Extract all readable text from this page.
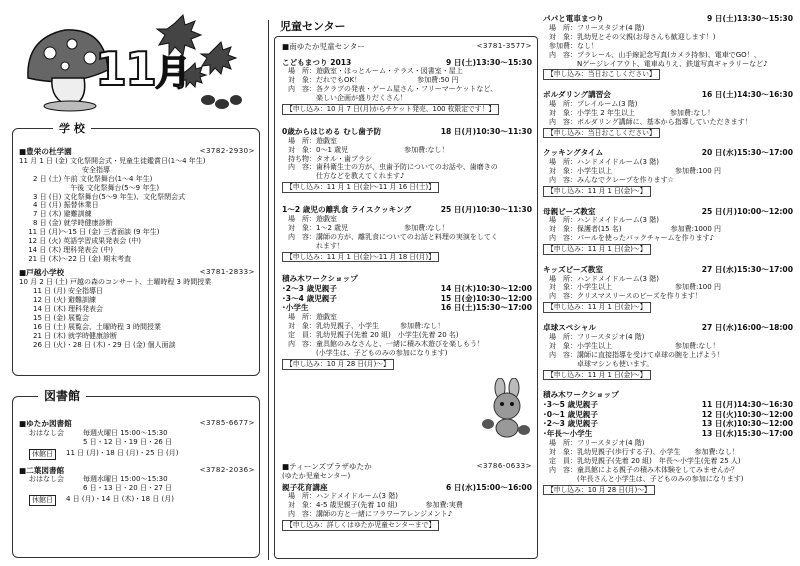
11月
学 校
■豊栄の杜学園	<3782-2930>
11 月 1 日 (金) 文化祭開会式・児童生徒鑑賞日(1～4 年生)
　　　　　　　　　安全指導
　　2 日 (土) 午前 文化祭舞台(1～4 年生)
　　　　　　　 午後 文化祭舞台(5～9 年生)
　　3 日 (日) 文化祭舞台(5～9 年生)、文化祭閉会式
　　4 日 (月) 振替休業日
　　7 日 (木) 避難訓練
　　8 日 (金) 就学時健康診断
　 11 日 (月)～15 日 (金) 三者面談 (9 年生)
　 12 日 (火) 英語学習成果発表会 (中)
　 14 日 (木) 理科発表会 (中)
　 21 日 (木)～22 日 (金) 期末考査
■戸越小学校	<3781-2833>
10 月 2 日 (土) 戸越の森のコンサート、土曜時程 3 時間授業
　　11 日 (月) 安全指導日
　　12 日 (火) 避難訓練
　　14 日 (木) 理科発表会
　　15 日 (金) 展覧会
　　16 日 (土) 展覧会、土曜時程 3 時間授業
　　21 日 (木) 就学時健康診断
　　26 日 (火)・28 日 (木)・29 日 (金) 個人面談
図書館
■ゆたか図書館	<3785-6677>
おはなし会	毎週火曜日 15:00～15:30
5 日・12 日・19 日・26 日
休館日	11 日 (月)・18 日 (月)・25 日 (月)
■二葉図書館	<3782-2036>
おはなし会	毎週水曜日 15:00～15:30
6 日・13 日・20 日・27 日
休館日	4 日 (月)・14 日 (木)・18 日 (月)
児童センター
■南ゆたか児童センター	<3781-3577>
こどもまつり 2013	9 日(土)13:30～15:30
場　所：遊戯室・ほっとルーム・テラス・図書室・屋上
対　象：だれでもOK！　　　　　　　　参加費:50 円
内　容：各クラブの発表・ゲーム屋さん・フリーマーケットなど、
　　　　楽しい企画が盛りだくさん！
【申し込み：10 月 7 日(月)からチケット発売、100 枚限定です！】
0歳からはじめる むし歯予防	18 日(月)10:30～11:30
場　所：遊戯室
対　象：0～1 歳児　　　　　　　　参加費:なし！
持ち物：タオル・歯ブラシ
内　容：歯科衛生士の方が、虫歯予防についてのお話や、歯磨きの
　　　　仕方などを教えてくれます♪
【申し込み：11 月 1 日(金)～11 月 16 日(土)】
1～2 歳児の離乳食 ライスクッキング	25 日(月)10:30～11:30
場　所：遊戯室
対　象：1～2 歳児　　　　　　　　参加費:なし！
内　容：講師の方が、離乳食についてのお話と料理の実演をしてく
　　　　れます！
【申し込み：11 月 1 日(金)～11 月 18 日(月)】
積み木ワークショップ
･2～3 歳児親子	14 日(木)10:30～12:00
･3～4 歳児親子	15 日(金)10:30～12:00
･小学生	16 日(土)15:30～17:00
場　所：遊戯室
対　象：乳幼児親子、小学生　　　参加費:なし！
定　員：乳幼児親子(先着 20 組)　小学生(先着 20 名)
内　容：童具館のみなさんと、一緒に積み木遊びを楽しもう！
　　　　(小学生は、子どものみの参加になります)
【申し込み：10 月 28 日(月)～】
■ティーンズプラザゆたか	<3786-0633>
(ゆたか児童センター)
親子花育講座	6 日(水)15:00～16:00
場　所：ハンドメイドルーム(3 階)
対　象：4-5 歳児親子(先着 10 組)　　　　参加費:実費
内　容：講師の方と一緒にフラワーアレンジメント♪
【申し込み：詳しくはゆたか児童センターまで】
パパと電車まつり	9 日(土)13:30～15:30
場　所：フリースタジオ(4 階)
対　象：乳幼児とその父親(お母さんも歓迎します！)
参加費：なし！
内　容：プラレール、山手線記念写真(カメラ持参)、電車でGO！、
　　　　Nゲージレイアウト、電車ぬりえ、鉄道写真ギャラリーなど♪
【申し込み：当日おこしください】
ボルダリング講習会	16 日(土)14:30～16:30
場　所：プレイルーム(3 階)
対　象：小学生 2 年生以上　　　　　参加費:なし！
内　容：ボルダリング講師に、基本から指導していただきます！
【申し込み：当日おこしください】
クッキングタイム	20 日(水)15:30～17:00
場　所：ハンドメイドルーム(3 階)
対　象：小学生以上　　　　　　　　　参加費:100 円
内　容：みんなでクレープを作ります☆
【申し込み：11 月 1 日(金)～】
母親ビーズ教室	25 日(月)10:00～12:00
場　所：ハンドメイドルーム(3 階)
対　象：保護者(15 名)　　　　　　　参加費:1000 円
内　容：パールを使ったバックチャームを作ります♪
【申し込み：11 月 1 日(金)～】
キッズビーズ教室	27 日(水)15:30～17:00
場　所：ハンドメイドルーム(3 階)
対　象：小学生以上　　　　　　　　　参加費:100 円
内　容：クリスマスリースのビーズを作ります！
【申し込み：11 月 1 日(金)～】
卓球スペシャル	27 日(水)16:00～18:00
場　所：フリースタジオ(4 階)
対　象：小学生以上　　　　　　　　　参加費:なし！
内　容：講師に直接指導を受けて卓球の腕を上げよう！
　　　　卓球マシンも使います。
【申し込み：11 月 1 日(金)～】
積み木ワークショップ
･3～5 歳児親子	11 日(月)14:30～16:30
･0～1 歳児親子	12 日(火)10:30～12:00
･2～3 歳児親子	13 日(水)10:30～12:00
･年長～小学生	13 日(水)15:30～17:00
場　所：フリースタジオ(4 階)
対　象：乳幼児親子(歩行する子)、小学生　　参加費:なし！
定　員：乳幼児親子(先着 20 組)　年長～小学生(先着 25 人)
内　容：童具館による親子の積み木体験をしてみませんか？
　　　　(年長さんと小学生は、子どものみの参加になります)
【申し込み：10 月 28 日(月)～】
